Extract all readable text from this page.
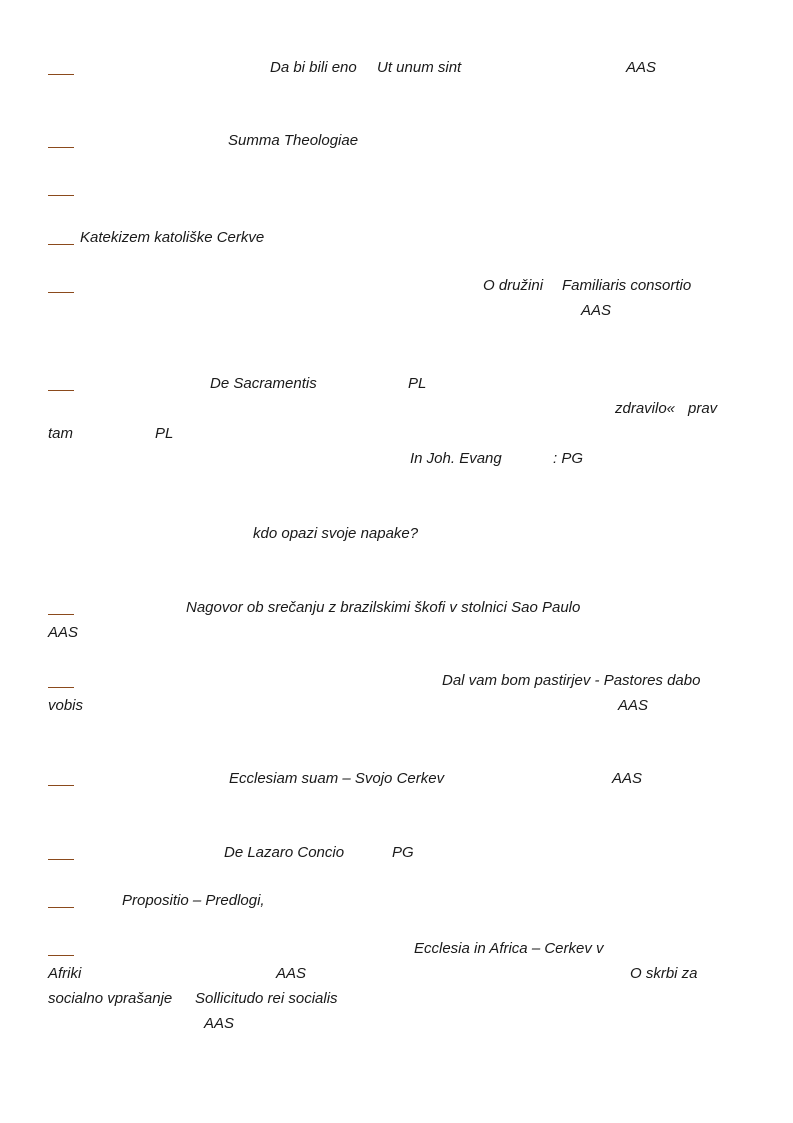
Da bi bili eno Ut unum sint	AAS
Summa Theologiae
Katekizem katoliške Cerkve
O družini Familiaris consortio
AAS
De Sacramentis	PL
zdravilo« prav
tam	PL
In Joh. Evang	: PG
kdo opazi svoje napake?
Nagovor ob srečanju z brazilskimi škofi v stolnici Sao Paulo
AAS
Dal vam bom pastirjev - Pastores dabo
vobis	AAS
Ecclesiam suam – Svojo Cerkev	AAS
De Lazaro Concio	PG
Propositio – Predlogi,
Ecclesia in Africa – Cerkev v
Afriki	AAS	O skrbi za
socialno vprašanje Sollicitudo rei socialis
AAS
